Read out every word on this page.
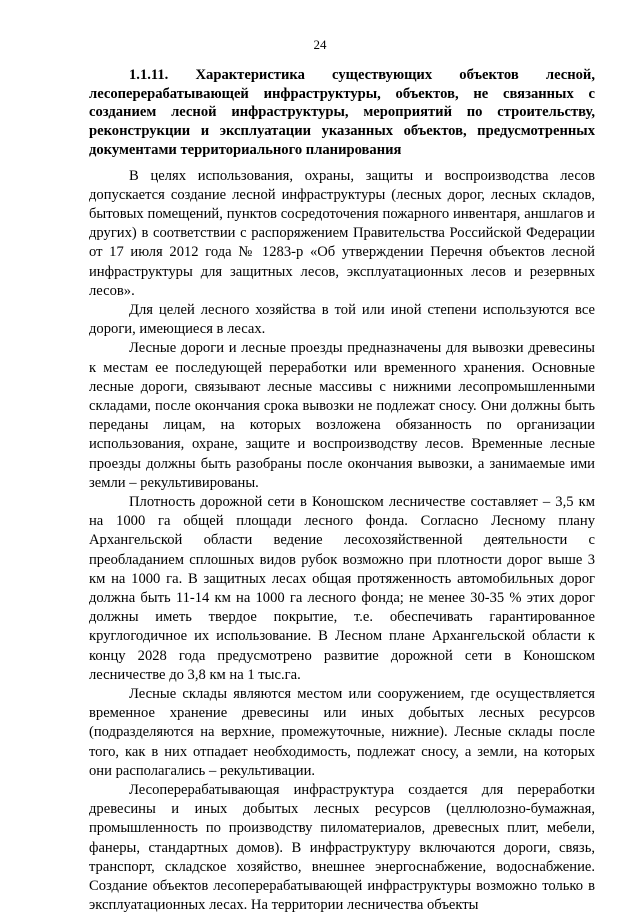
24

1.1.11. Характеристика существующих объектов лесной, лесоперерабатывающей инфраструктуры, объектов, не связанных с созданием лесной инфраструктуры, мероприятий по строительству, реконструкции и эксплуатации указанных объектов, предусмотренных документами территориального планирования

В целях использования, охраны, защиты и воспроизводства лесов допускается создание лесной инфраструктуры (лесных дорог, лесных складов, бытовых помещений, пунктов сосредоточения пожарного инвентаря, аншлагов и других) в соответствии с распоряжением Правительства Российской Федерации от 17 июля 2012 года № 1283-р «Об утверждении Перечня объектов лесной инфраструктуры для защитных лесов, эксплуатационных лесов и резервных лесов».

Для целей лесного хозяйства в той или иной степени используются все дороги, имеющиеся в лесах.

Лесные дороги и лесные проезды предназначены для вывозки древесины к местам ее последующей переработки или временного хранения. Основные лесные дороги, связывают лесные массивы с нижними лесопромышленными складами, после окончания срока вывозки не подлежат сносу. Они должны быть переданы лицам, на которых возложена обязанность по организации использования, охране, защите и воспроизводству лесов. Временные лесные проезды должны быть разобраны после окончания вывозки, а занимаемые ими земли – рекультивированы.

Плотность дорожной сети в Коношском лесничестве составляет – 3,5 км на 1000 га общей площади лесного фонда. Согласно Лесному плану Архангельской области ведение лесохозяйственной деятельности с преобладанием сплошных видов рубок возможно при плотности дорог выше 3 км на 1000 га. В защитных лесах общая протяженность автомобильных дорог должна быть 11-14 км на 1000 га лесного фонда; не менее 30-35 % этих дорог должны иметь твердое покрытие, т.е. обеспечивать гарантированное круглогодичное их использование. В Лесном плане Архангельской области к концу 2028 года предусмотрено развитие дорожной сети в Коношском лесничестве до 3,8 км на 1 тыс.га.

Лесные склады являются местом или сооружением, где осуществляется временное хранение древесины или иных добытых лесных ресурсов (подразделяются на верхние, промежуточные, нижние). Лесные склады после того, как в них отпадает необходимость, подлежат сносу, а земли, на которых они располагались – рекультивации.

Лесоперерабатывающая инфраструктура создается для переработки древесины и иных добытых лесных ресурсов (целлюлозно-бумажная, промышленность по производству пиломатериалов, древесных плит, мебели, фанеры, стандартных домов). В инфраструктуру включаются дороги, связь, транспорт, складское хозяйство, внешнее энергоснабжение, водоснабжение. Создание объектов лесоперерабатывающей инфраструктуры возможно только в эксплуатационных лесах. На территории лесничества объекты
